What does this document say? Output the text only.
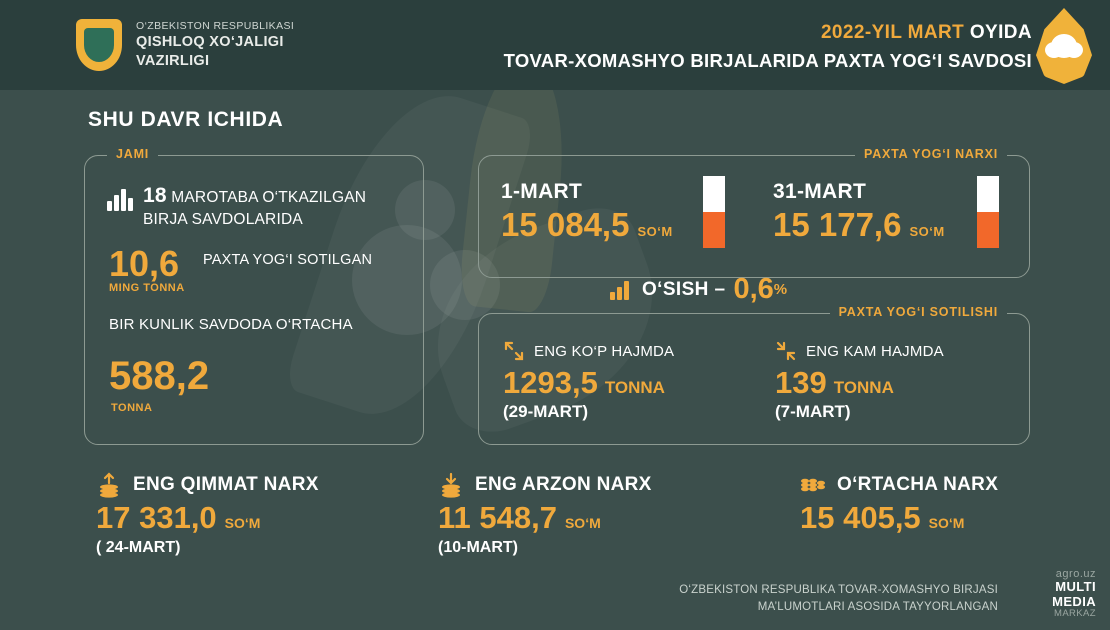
O‘ZBEKISTON RESPUBLIKASI
QISHLOQ XO‘JALIGI
VAZIRLIGI
2022-YIL MART OYIDA
TOVAR-XOMASHYO BIRJALARIDA PAXTA YOG‘I SAVDOSI
SHU DAVR ICHIDA
JAMI
18 MAROTABA O‘TKAZILGAN
BIRJA SAVDOLARIDA
10,6
MING TONNA
PAXTA YOG‘I SOTILGAN
BIR KUNLIK SAVDODA O‘RTACHA
588,2
TONNA
PAXTA YOG‘I NARXI
1-MART
15 084,5 SO‘M
31-MART
15 177,6 SO‘M
O‘SISH – 0,6 %
PAXTA YOG‘I SOTILISHI
ENG KO‘P HAJMDA
1293,5 TONNA
(29-MART)
ENG KAM HAJMDA
139 TONNA
(7-MART)
ENG QIMMAT NARX
17 331,0 SO‘M
( 24-MART)
ENG ARZON NARX
11 548,7 SO‘M
(10-MART)
O‘RTACHA NARX
15 405,5 SO‘M
O‘ZBEKISTON RESPUBLIKA TOVAR-XOMASHYO BIRJASI
MA’LUMOTLARI ASOSIDA TAYYORLANGAN
agro.uz
MULTI
MEDIA
MARKAZ
